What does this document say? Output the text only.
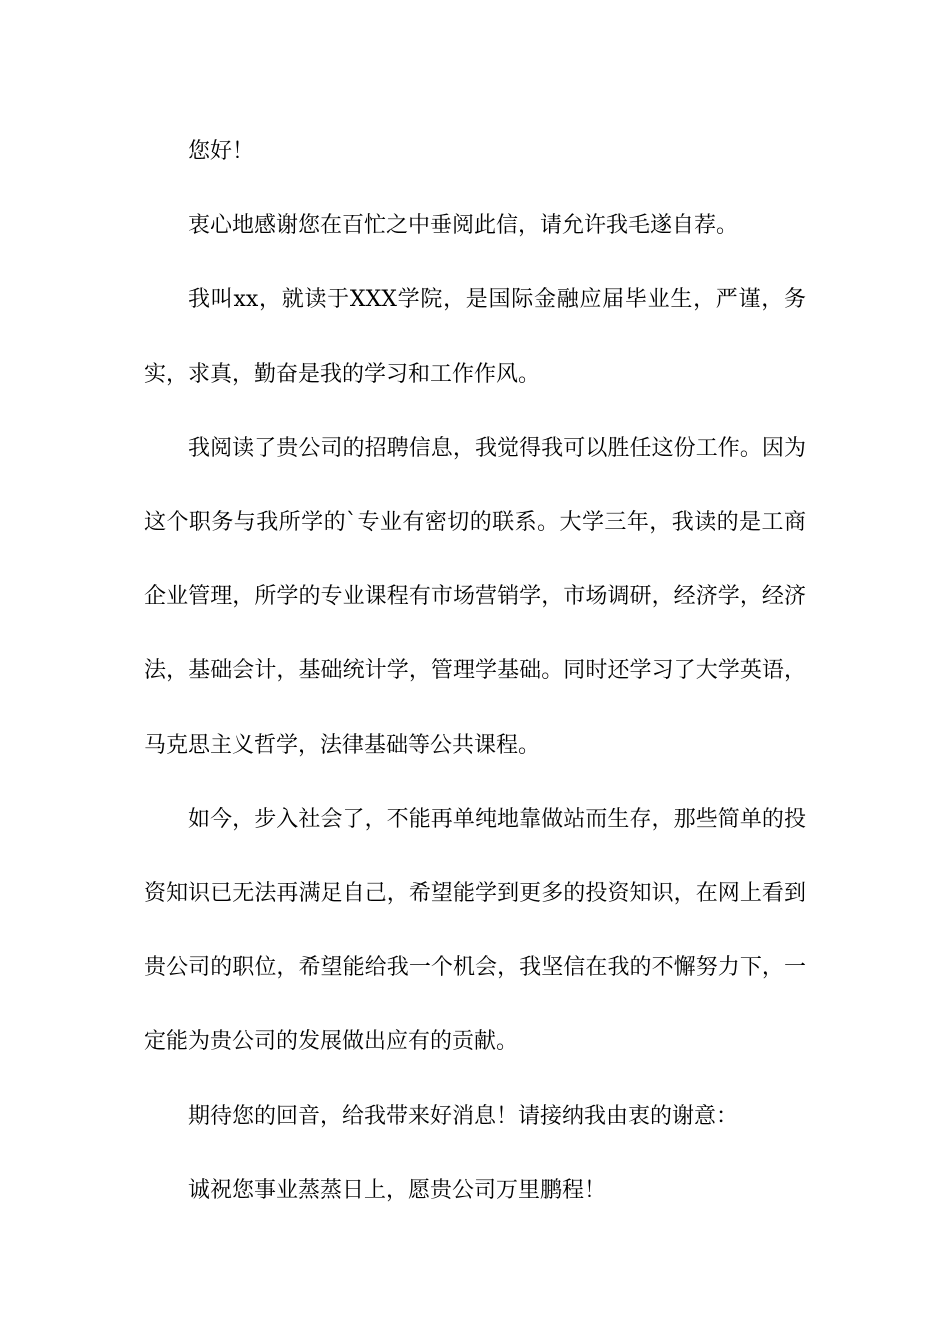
您好！

衷心地感谢您在百忙之中垂阅此信，请允许我毛遂自荐。

我叫xx，就读于XXX学院，是国际金融应届毕业生，严谨，务实，求真，勤奋是我的学习和工作作风。

我阅读了贵公司的招聘信息，我觉得我可以胜任这份工作。因为这个职务与我所学的`专业有密切的联系。大学三年，我读的是工商企业管理，所学的专业课程有市场营销学，市场调研，经济学，经济法，基础会计，基础统计学，管理学基础。同时还学习了大学英语，马克思主义哲学，法律基础等公共课程。

如今，步入社会了，不能再单纯地靠做站而生存，那些简单的投资知识已无法再满足自己，希望能学到更多的投资知识，在网上看到贵公司的职位，希望能给我一个机会，我坚信在我的不懈努力下，一定能为贵公司的发展做出应有的贡献。

期待您的回音，给我带来好消息！请接纳我由衷的谢意：

诚祝您事业蒸蒸日上，愿贵公司万里鹏程！
